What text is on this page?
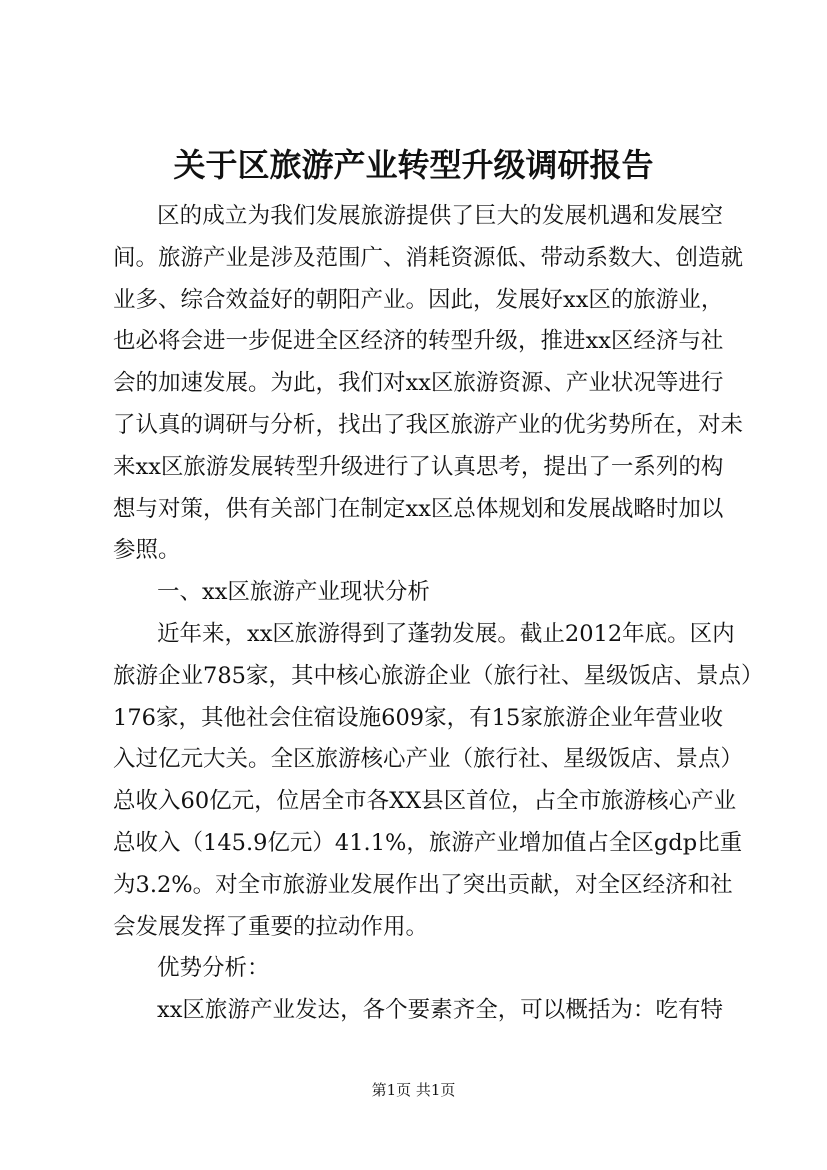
关于区旅游产业转型升级调研报告
区的成立为我们发展旅游提供了巨大的发展机遇和发展空
间。旅游产业是涉及范围广、消耗资源低、带动系数大、创造就
业多、综合效益好的朝阳产业。因此，发展好xx区的旅游业，
也必将会进一步促进全区经济的转型升级，推进xx区经济与社
会的加速发展。为此，我们对xx区旅游资源、产业状况等进行
了认真的调研与分析，找出了我区旅游产业的优劣势所在，对未
来xx区旅游发展转型升级进行了认真思考，提出了一系列的构
想与对策，供有关部门在制定xx区总体规划和发展战略时加以
参照。
一、xx区旅游产业现状分析
近年来，xx区旅游得到了蓬勃发展。截止2012年底。区内
旅游企业785家，其中核心旅游企业（旅行社、星级饭店、景点）
176家，其他社会住宿设施609家，有15家旅游企业年营业收
入过亿元大关。全区旅游核心产业（旅行社、星级饭店、景点）
总收入60亿元，位居全市各XX县区首位，占全市旅游核心产业
总收入（145.9亿元）41.1%，旅游产业增加值占全区gdp比重
为3.2%。对全市旅游业发展作出了突出贡献，对全区经济和社
会发展发挥了重要的拉动作用。
优势分析：
xx区旅游产业发达，各个要素齐全，可以概括为：吃有特
第1页 共1页
